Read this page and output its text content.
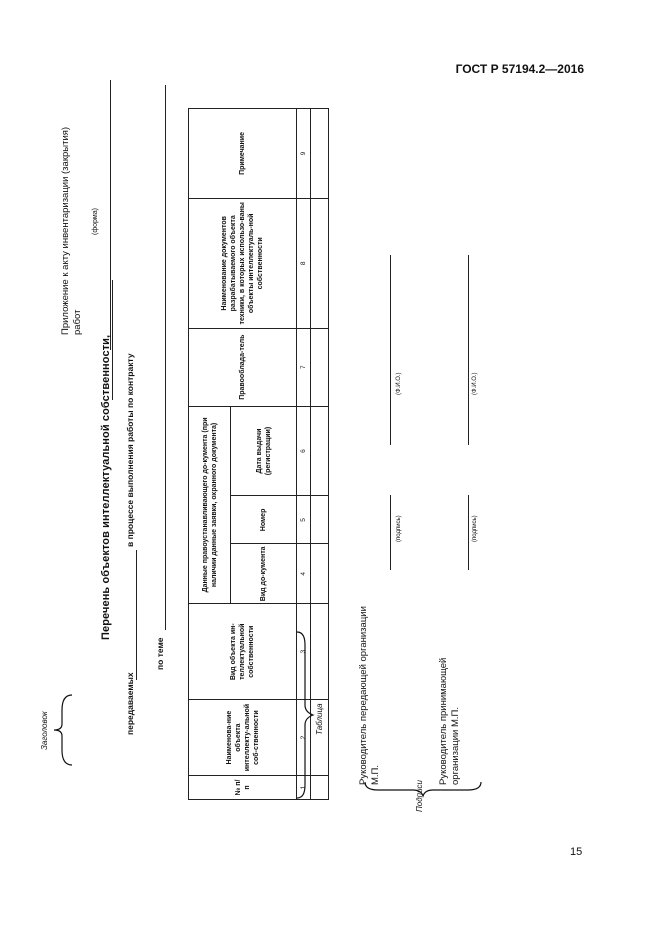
ГОСТ Р 57194.2—2016
Приложение к акту инвентаризации (закрытия) работ
(форма)
Перечень объектов интеллектуальной собственности,
передаваемых
в процессе выполнения работы по контракту
по теме
№ п/п	Наименова-ние объекта интеллекту-альной соб-ственности	Вид объекта ин-теллектуальной собственности	Данные правоустанавливающего до-кумента (при наличии данные заявки, охранного документа)			Правооблада-тель	Наименование документов разрабатываемого объекта техники, в которых использо-ваны объекты интеллектуаль-ной собственности	Примечание
			Вид до-кумента	Номер	Дата выдачи (регистрации)			
1	2	3	4	5	6	7	8	9

Руководитель передающей организации М.П.
(подпись)
(Ф.И.О.)
Руководитель принимающей организации М.П.
(подпись)
(Ф.И.О.)
Заголовок	Таблица
Подписи
15
